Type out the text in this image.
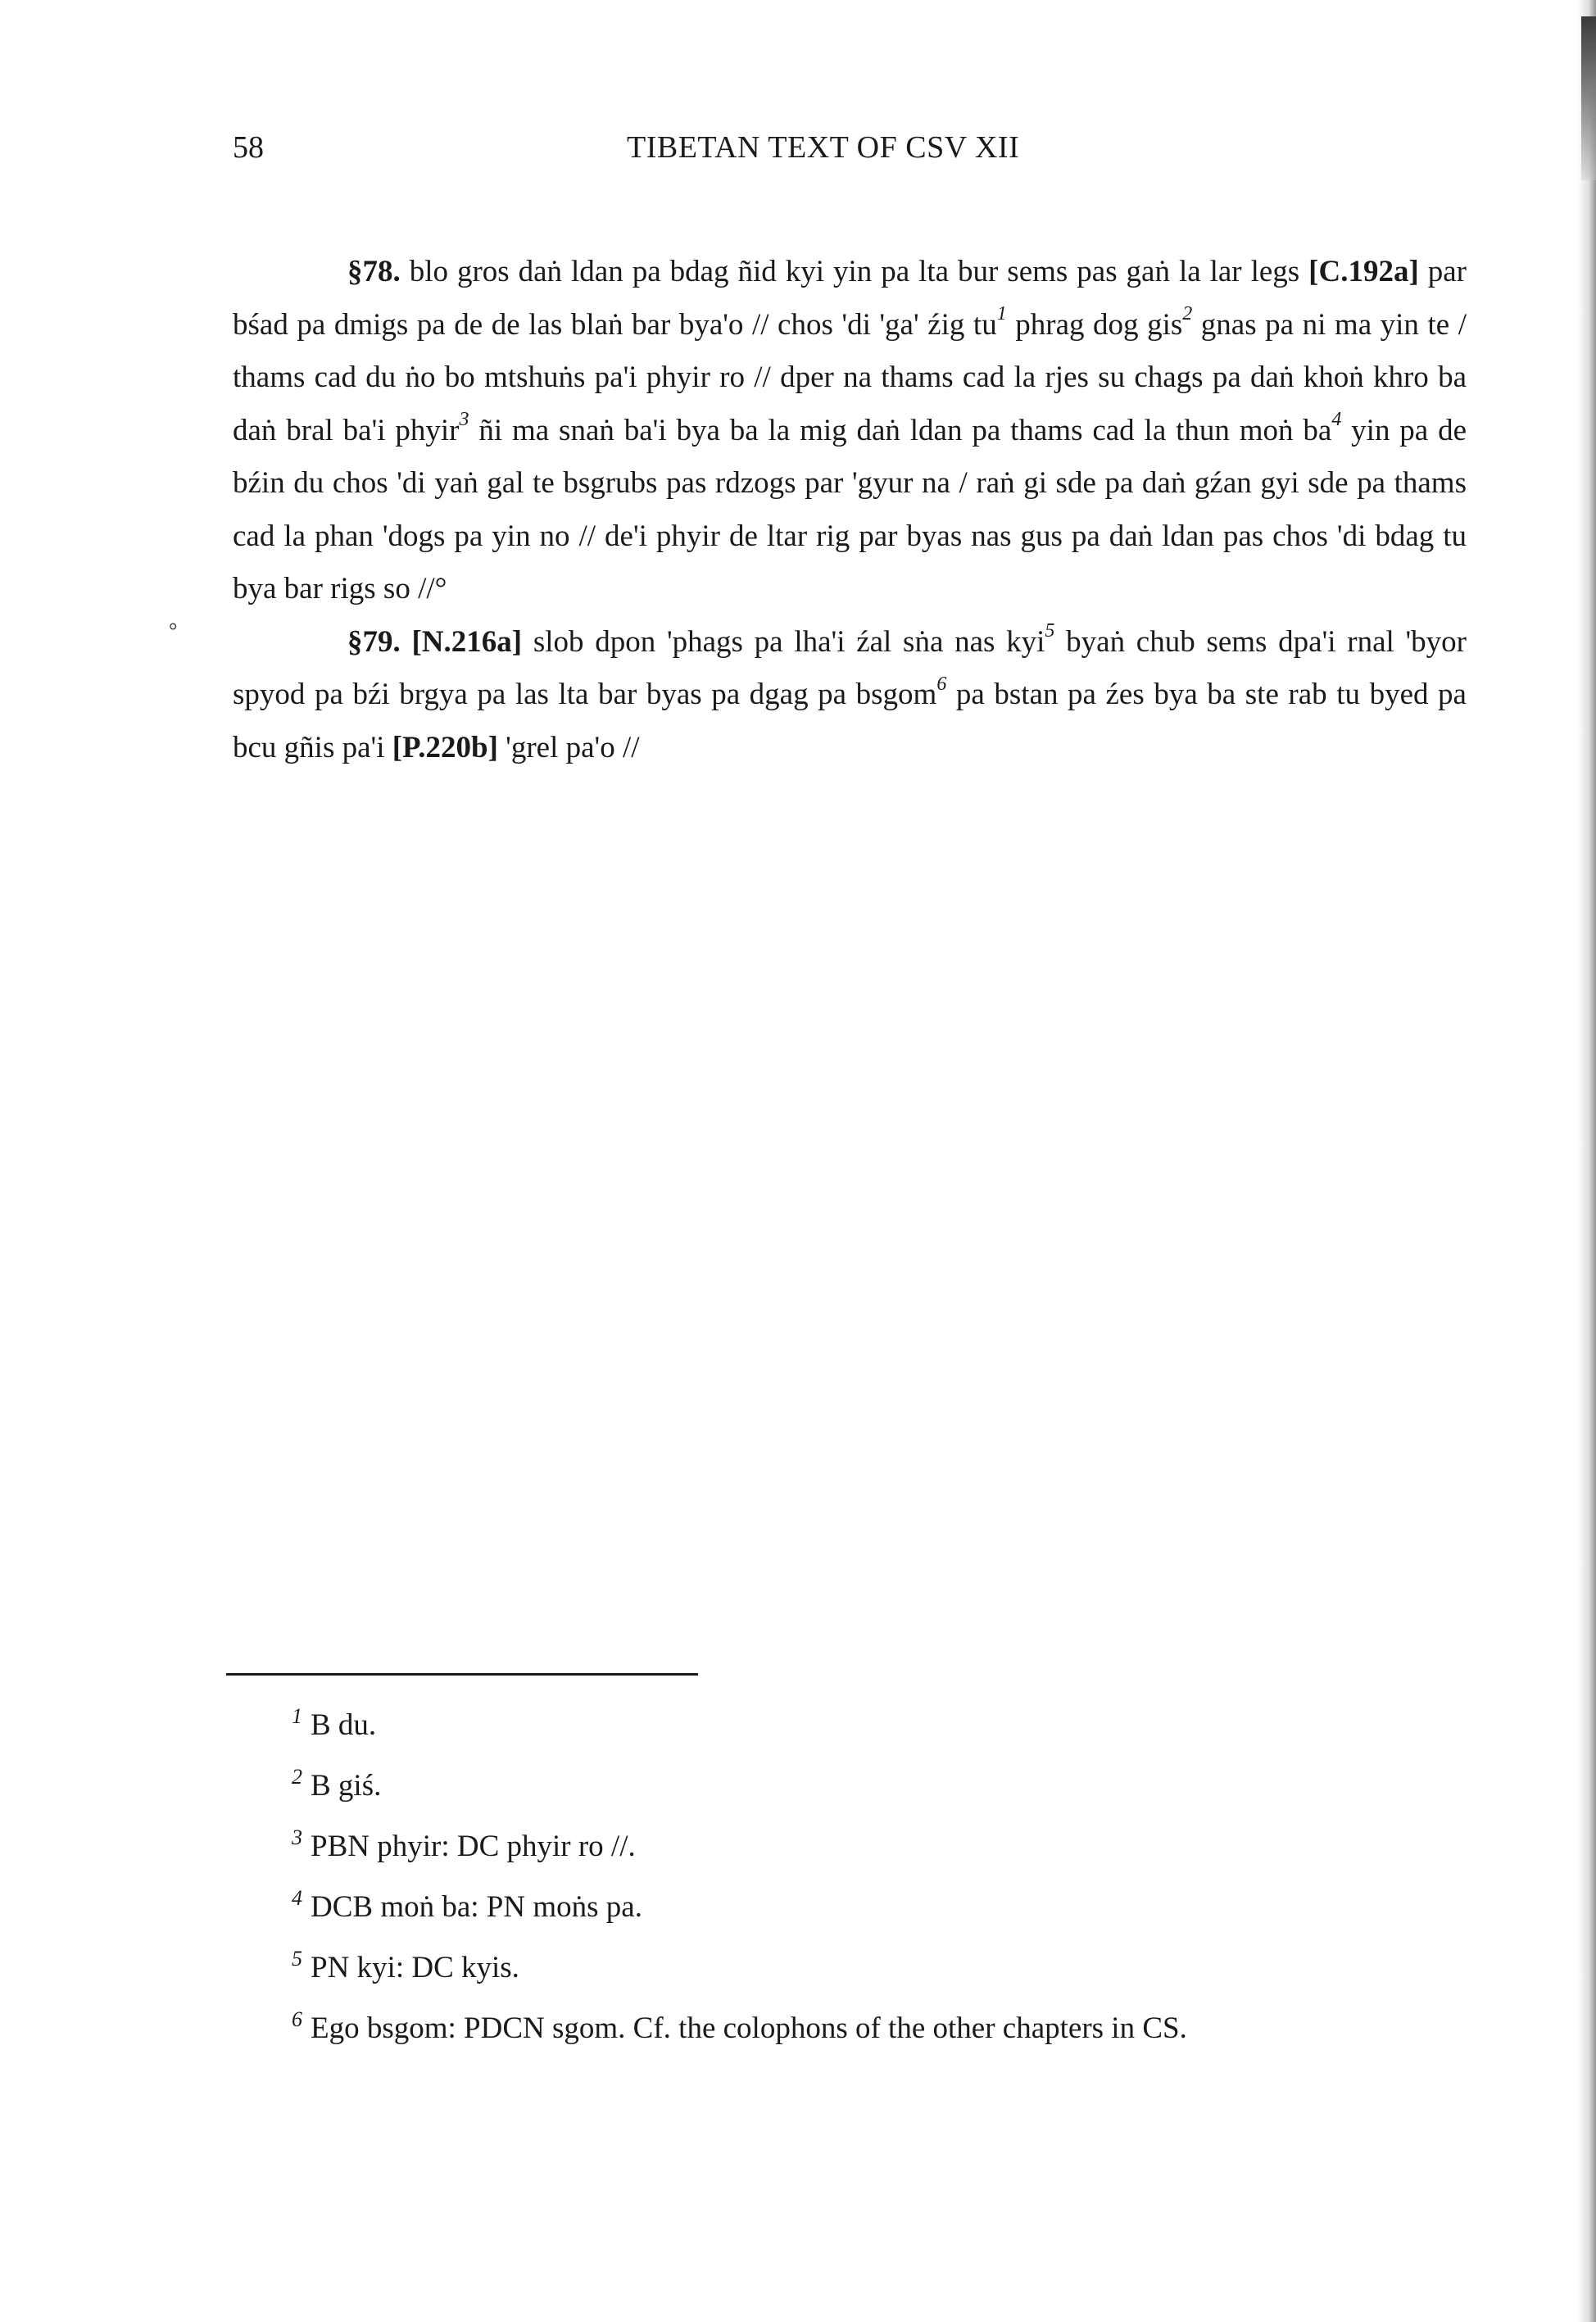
58	TIBETAN TEXT OF CSV XII
°

§78. blo gros daṅ ldan pa bdag ñid kyi yin pa lta bur sems pas gaṅ la lar legs [C.192a] par bśad pa dmigs pa de de las blaṅ bar bya'o // chos 'di 'ga' źig $tu^1$ phrag dog gis$^2$ gnas pa ni ma yin te / thams cad du ṅo bo mtshuṅs pa'i phyir ro // dper na thams cad la rjes su chags pa daṅ khoṅ khro ba daṅ bral ba'i phyir$^3$ ñi ma snaṅ ba'i bya ba la mig daṅ ldan pa thams cad la thun moṅ $ba^4$ yin pa de bźin du chos 'di yaṅ gal te bsgrubs pas rdzogs par 'gyur na / raṅ gi sde pa daṅ gźan gyi sde pa thams cad la phan 'dogs pa yin no // de'i phyir de ltar rig par byas nas gus pa daṅ ldan pas chos 'di bdag tu bya bar rigs so //°

§79. [N.216a] slob dpon 'phags pa lha'i źal sṅa nas kyi$^5$ byaṅ chub sems dpa'i rnal 'byor spyod pa bźi brgya pa las lta bar byas pa dgag pa bsgom$^6$ pa bstan pa źes bya ba ste rab tu byed pa bcu gñis pa'i [P.220b] 'grel pa'o //

$^1$ B du.
$^2$ B giś.
$^3$ PBN phyir: DC phyir ro //.
$^4$ DCB moṅ ba: PN moṅs pa.
$^5$ PN kyi: DC kyis.
$^6$ Ego bsgom: PDCN sgom. Cf. the colophons of the other chapters in CS.
